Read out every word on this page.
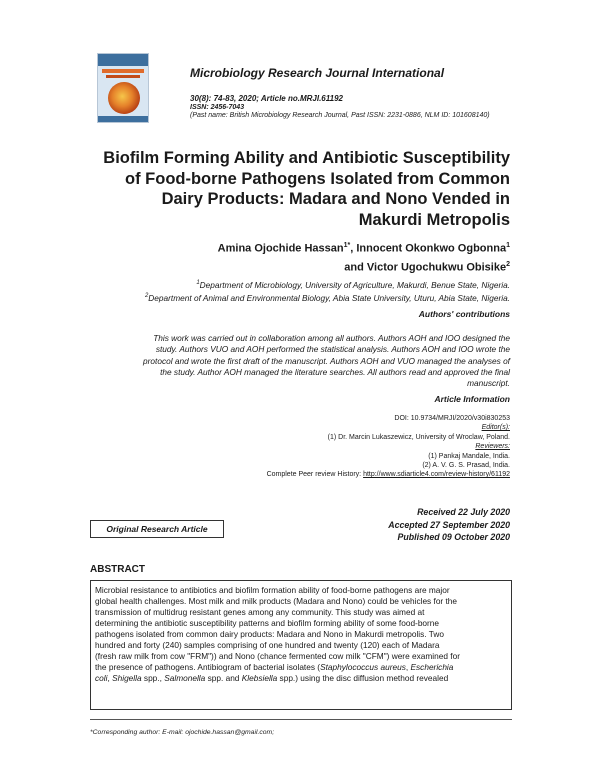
Microbiology Research Journal International
30(8): 74-83, 2020; Article no.MRJI.61192
ISSN: 2456-7043
(Past name: British Microbiology Research Journal, Past ISSN: 2231-0886, NLM ID: 101608140)
Biofilm Forming Ability and Antibiotic Susceptibility
of Food-borne Pathogens Isolated from Common
Dairy Products: Madara and Nono Vended in
Makurdi Metropolis
Amina Ojochide Hassan$^{1*}$, Innocent Okonkwo Ogbonna$^1$
and Victor Ugochukwu Obisike$^2$
$^1$Department of Microbiology, University of Agriculture, Makurdi, Benue State, Nigeria.
$^2$Department of Animal and Environmental Biology, Abia State University, Uturu, Abia State, Nigeria.
Authors' contributions
This work was carried out in collaboration among all authors. Authors AOH and IOO designed the
study. Authors VUO and AOH performed the statistical analysis. Authors AOH and IOO wrote the
protocol and wrote the first draft of the manuscript. Authors AOH and VUO managed the analyses of
the study. Author AOH managed the literature searches. All authors read and approved the final
manuscript.
Article Information
DOI: 10.9734/MRJI/2020/v30i830253
Editor(s):
(1) Dr. Marcin Lukaszewicz, University of Wroclaw, Poland.
Reviewers:
(1) Pankaj Mandale, India.
(2) A. V. G. S. Prasad, India.
Complete Peer review History: http://www.sdiarticle4.com/review-history/61192
Received 22 July 2020
Accepted 27 September 2020
Published 09 October 2020
Original Research Article
ABSTRACT
Microbial resistance to antibiotics and biofilm formation ability of food-borne pathogens are major
global health challenges. Most milk and milk products (Madara and Nono) could be vehicles for the
transmission of multidrug resistant genes among any community. This study was aimed at
determining the antibiotic susceptibility patterns and biofilm forming ability of some food-borne
pathogens isolated from common dairy products: Madara and Nono in Makurdi metropolis. Two
hundred and forty (240) samples comprising of one hundred and twenty (120) each of Madara
(fresh raw milk from cow "FRM")) and Nono (chance fermented cow milk "CFM") were examined for
the presence of pathogens. Antibiogram of bacterial isolates (Staphylococcus aureus, Escherichia
coli, Shigella spp., Salmonella spp. and Klebsiella spp.) using the disc diffusion method revealed
*Corresponding author: E-mail: ojochide.hassan@gmail.com;
